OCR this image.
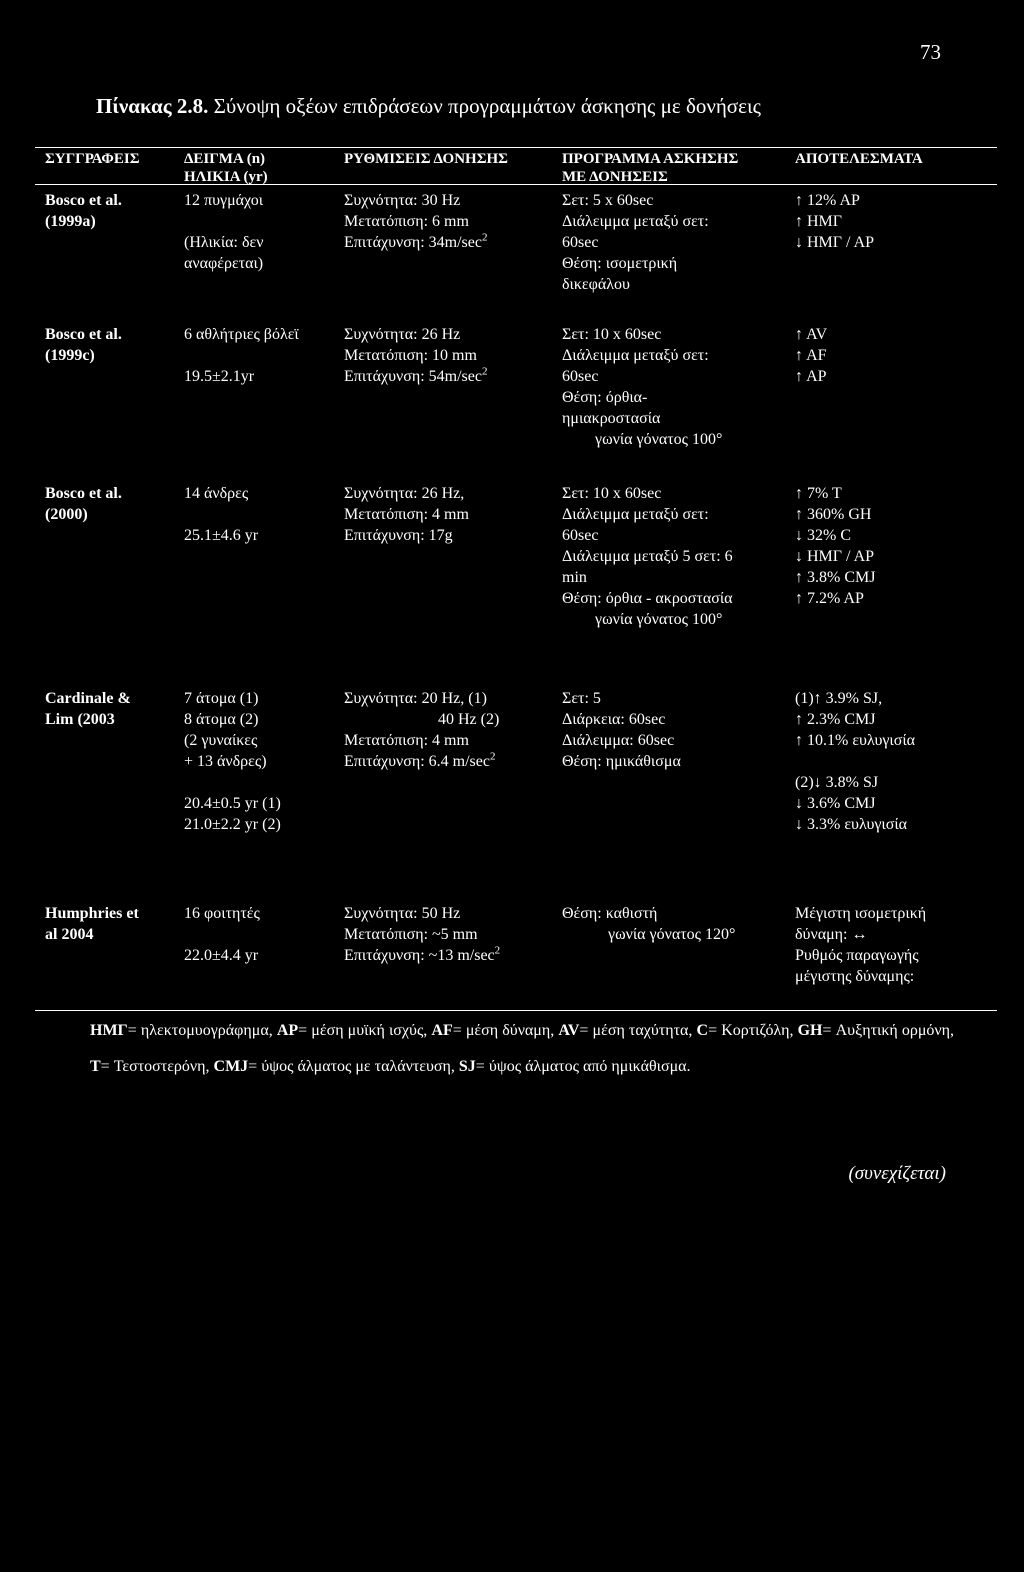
73
Πίνακας 2.8. Σύνοψη οξέων επιδράσεων προγραμμάτων άσκησης με δονήσεις
ΣΥΓΓΡΑΦΕΙΣ	ΔΕΙΓΜΑ (n)
ΗΛΙΚΙΑ (yr)
ΡΥΘΜΙΣΕΙΣ ΔΟΝΗΣΗΣ	ΠΡΟΓΡΑΜΜΑ ΑΣΚΗΣΗΣ
ΜΕ ΔΟΝΗΣΕΙΣ
ΑΠΟΤΕΛΕΣΜΑΤΑ
Bosco et al.
(1999a)
12 πυγμάχοι

(Ηλικία: δεν
αναφέρεται)
Συχνότητα: 30 Hz
Μετατόπιση: 6 mm
Επιτάχυνση: $34m/\sec^2$
Σετ: 5 x 60sec
Διάλειμμα μεταξύ σετ:
60sec
Θέση: ισομετρική
δικεφάλου
↑ 12% ΑΡ
↑ ΗΜΓ
↓ ΗΜΓ / ΑΡ
Bosco et al.
(1999c)
6 αθλήτριες βόλεϊ

19.5±2.1yr
Συχνότητα: 26 Hz
Μετατόπιση: 10 mm
Επιτάχυνση: $54m/\sec^2$
Σετ: 10 x 60sec
Διάλειμμα μεταξύ σετ:
60sec
Θέση: όρθια-
ημιακροστασία
γωνία γόνατος 100°
↑ AV
↑ AF
↑ AP
Bosco et al.
(2000)
14 άνδρες

25.1±4.6 yr
Συχνότητα: 26 Hz,
Μετατόπιση: 4 mm
Επιτάχυνση: 17g
Σετ: 10 x 60sec
Διάλειμμα μεταξύ σετ:
60sec
Διάλειμμα μεταξύ 5 σετ: 6
min
Θέση: όρθια - ακροστασία
γωνία γόνατος 100°
↑ 7% T
↑ 360% GH
↓ 32% C
↓ ΗΜΓ / ΑΡ
↑ 3.8% CMJ
↑ 7.2% AP
Cardinale &
Lim (2003
7 άτομα (1)
8 άτομα (2)
(2 γυναίκες
+ 13 άνδρες)

20.4±0.5 yr (1)
21.0±2.2 yr (2)
Συχνότητα: 20 Hz, (1)
40 Hz (2)
Μετατόπιση: 4 mm
Επιτάχυνση: 6.4 $m/\sec^2$
Σετ: 5
Διάρκεια: 60sec
Διάλειμμα: 60sec
Θέση: ημικάθισμα
(1)↑ 3.9% SJ,
↑ 2.3% CMJ
↑ 10.1% ευλυγισία

(2)↓ 3.8% SJ
↓ 3.6% CMJ
↓ 3.3% ευλυγισία
Humphries et
al 2004
16 φοιτητές

22.0±4.4 yr
Συχνότητα: 50 Hz
Μετατόπιση: ~5 mm
Επιτάχυνση: ~13 $m/\sec^2$
Θέση: καθιστή
γωνία γόνατος 120°
Μέγιστη ισομετρική
δύναμη: ↔
Ρυθμός παραγωγής
μέγιστης δύναμης:
ΗΜΓ= ηλεκτομυογράφημα, ΑΡ= μέση μυϊκή ισχύς, AF= μέση δύναμη, AV= μέση ταχύτητα, C= Κορτιζόλη, GH= Αυξητική ορμόνη, T= Τεστοστερόνη, CMJ= ύψος άλματος με ταλάντευση, SJ= ύψος άλματος από ημικάθισμα.
(συνεχίζεται)
